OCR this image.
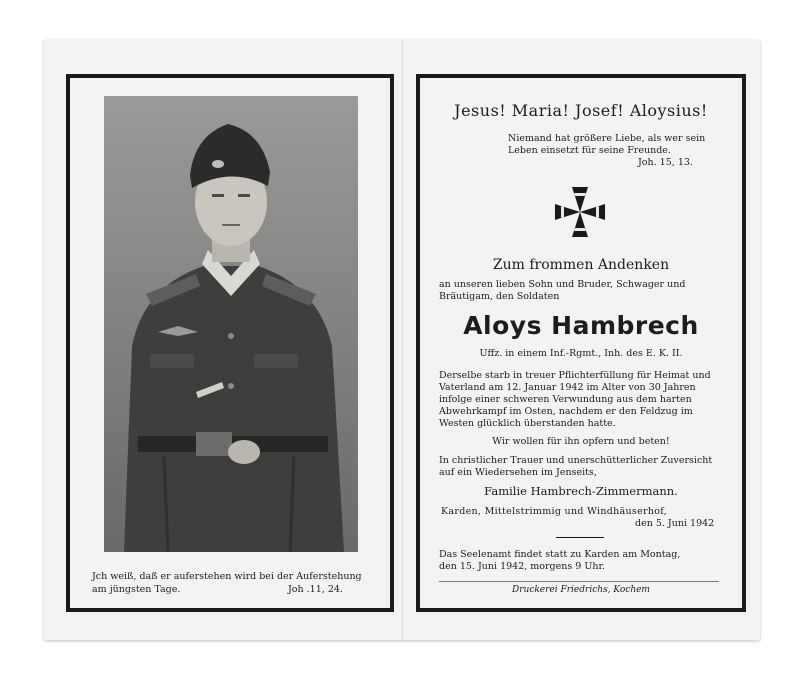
Jch weiß, daß er auferstehen wird bei der Auferstehung
am jüngsten Tage.	Joh .11, 24.
Jesus! Maria! Josef! Aloysius!
Niemand hat größere Liebe, als wer sein
Leben einsetzt für seine Freunde.
Joh. 15, 13.
Zum frommen Andenken
an unseren lieben Sohn und Bruder, Schwager und
Bräutigam, den Soldaten
Aloys Hambrech
Uffz. in einem Inf.-Rgmt., Inh. des E. K. II.
Derselbe starb in treuer Pflichterfüllung für Heimat und
Vaterland am 12. Januar 1942 im Alter von 30 Jahren
infolge einer schweren Verwundung aus dem harten
Abwehrkampf im Osten, nachdem er den Feldzug im
Westen glücklich überstanden hatte.
Wir wollen für ihn opfern und beten!
In christlicher Trauer und unerschütterlicher Zuversicht
auf ein Wiedersehen im Jenseits,
Familie Hambrech-Zimmermann.
Karden, Mittelstrimmig und Windhäuserhof,
den 5. Juni 1942
Das Seelenamt findet statt zu Karden am Montag,
den 15. Juni 1942, morgens 9 Uhr.
Druckerei Friedrichs, Kochem
